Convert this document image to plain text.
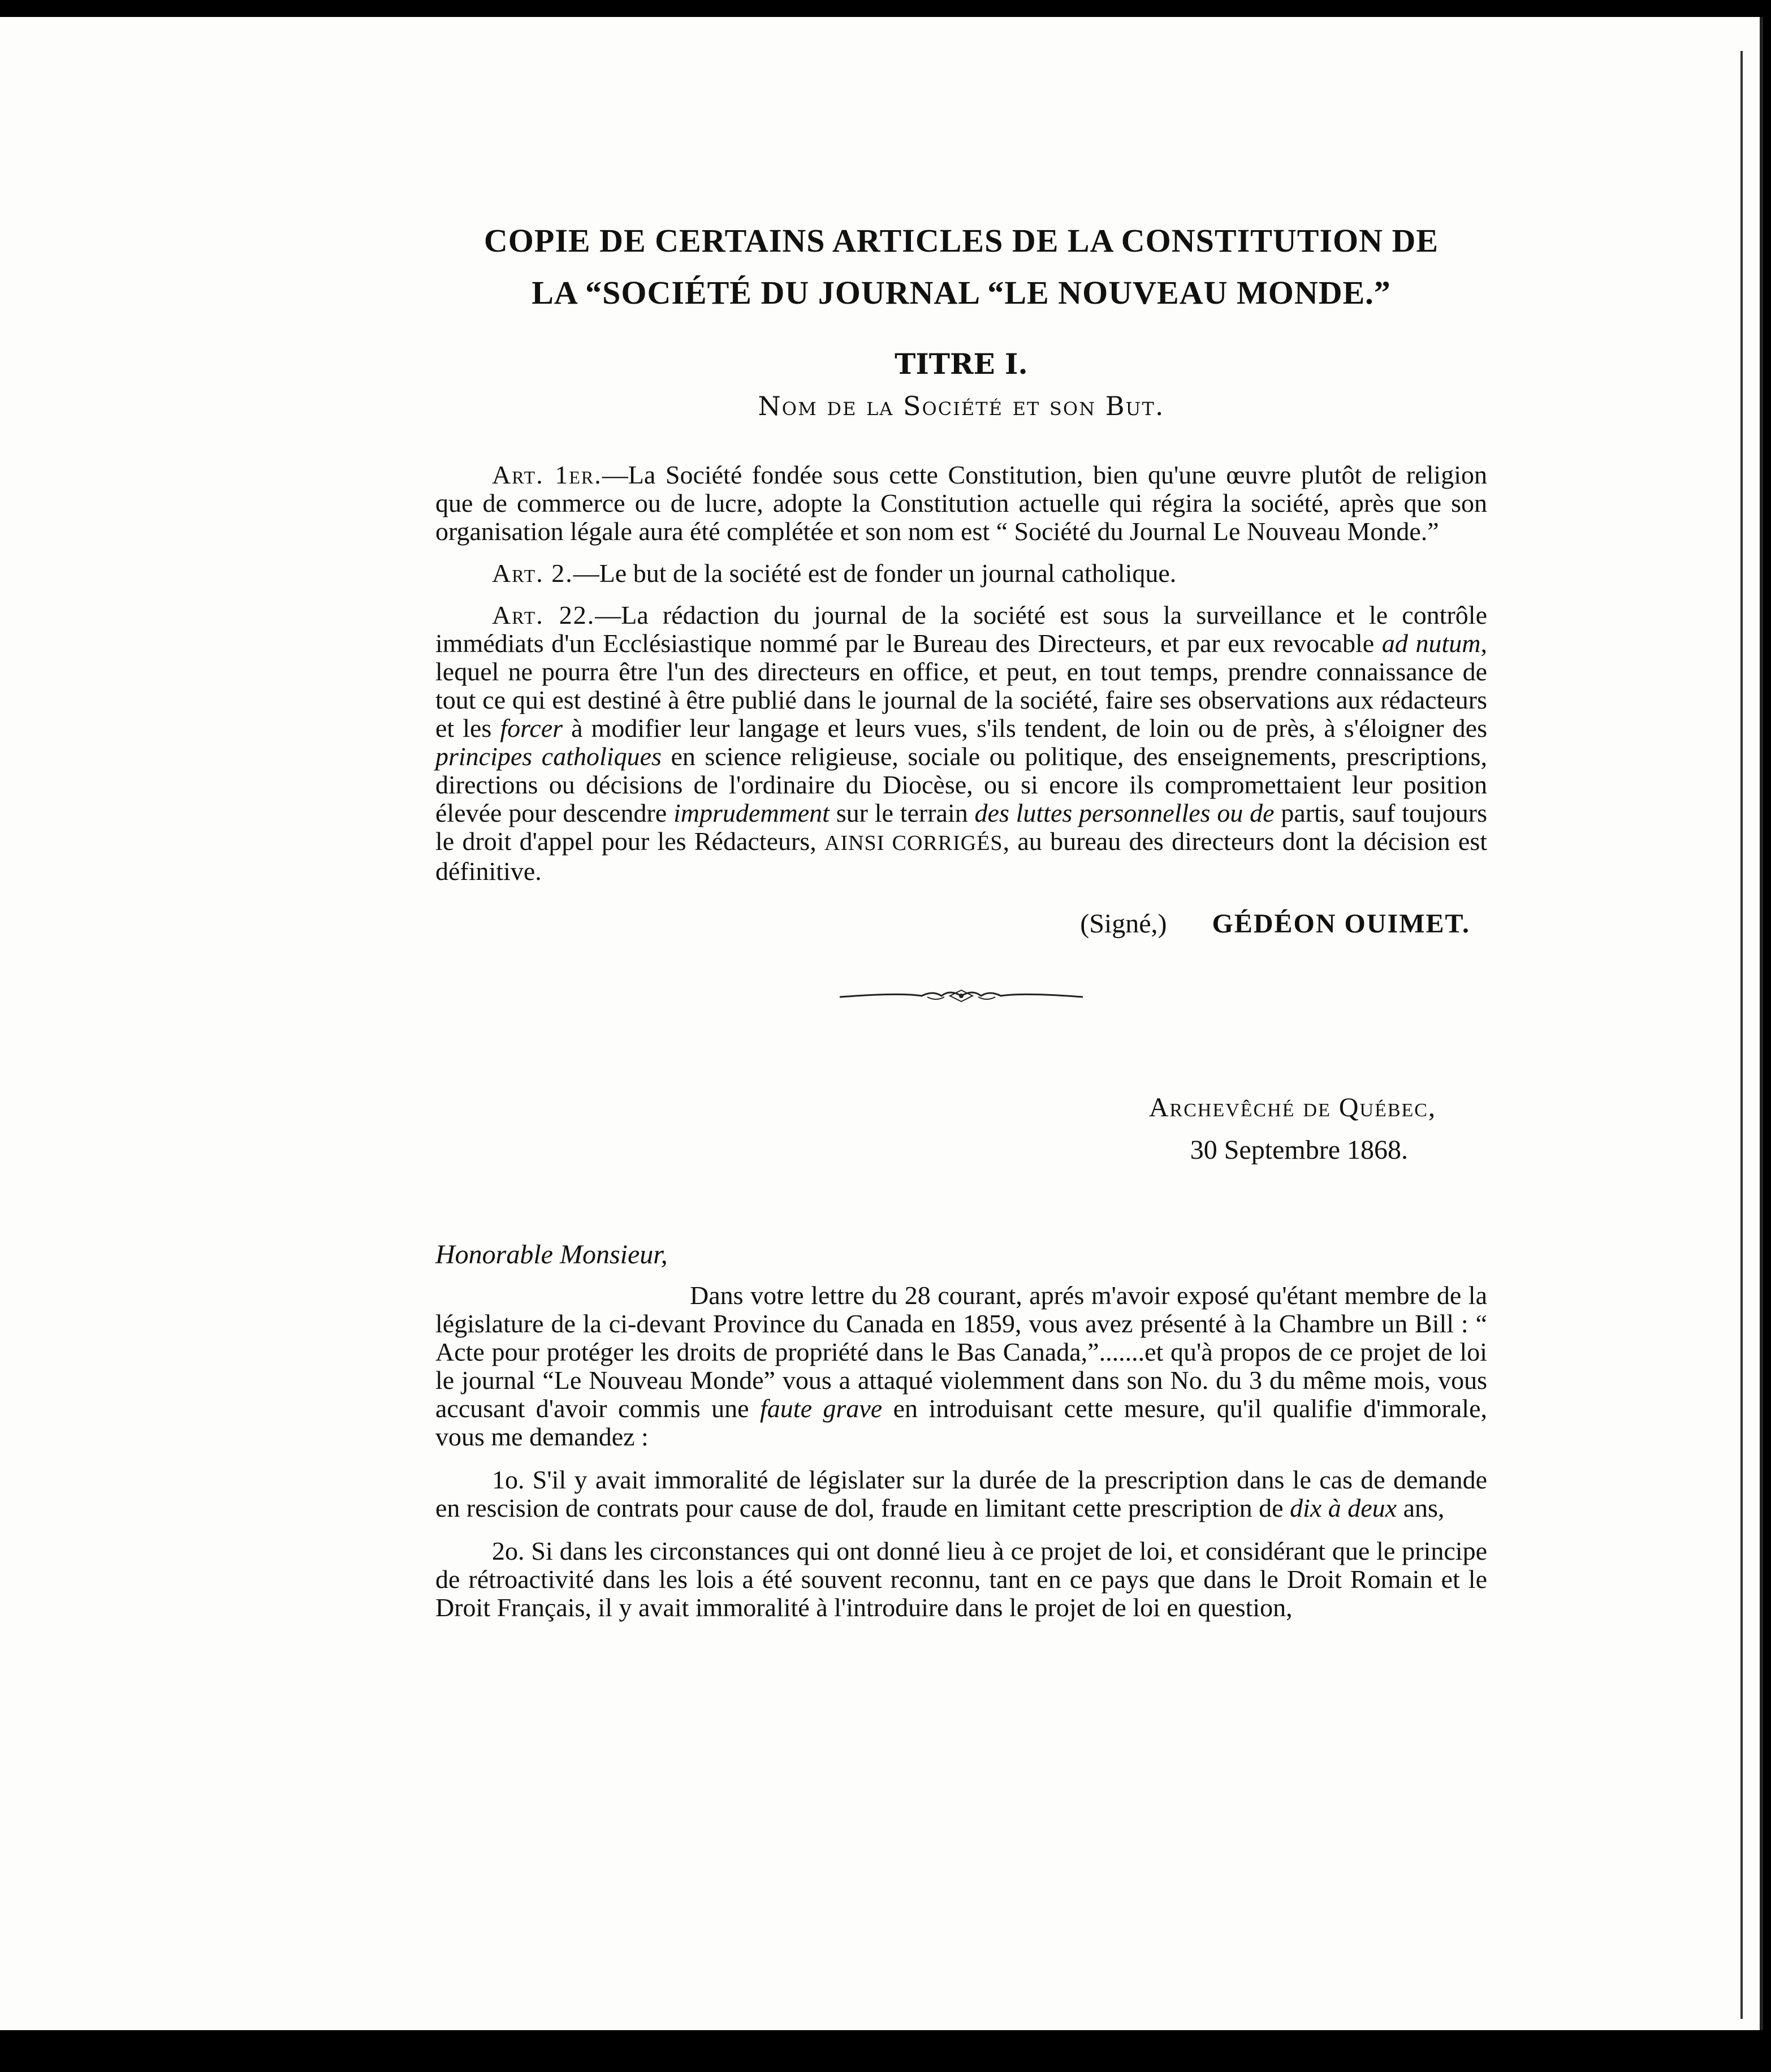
COPIE DE CERTAINS ARTICLES DE LA CONSTITUTION DE
LA “SOCIÉTÉ DU JOURNAL “LE NOUVEAU MONDE.”
TITRE I.
Nom de la Société et son But.

Art. 1er.—La Société fondée sous cette Constitution, bien qu'une œuvre plutôt de religion que de commerce ou de lucre, adopte la Constitution actuelle qui régira la société, après que son organisation légale aura été complétée et son nom est “ Société du Journal Le Nouveau Monde.”

Art. 2.—Le but de la société est de fonder un journal catholique.

Art. 22.—La rédaction du journal de la société est sous la surveillance et le contrôle immédiats d'un Ecclésiastique nommé par le Bureau des Directeurs, et par eux revocable ad nutum, lequel ne pourra être l'un des directeurs en office, et peut, en tout temps, prendre connaissance de tout ce qui est destiné à être publié dans le journal de la société, faire ses observations aux rédacteurs et les forcer à modifier leur langage et leurs vues, s'ils tendent, de loin ou de près, à s'éloigner des principes catholiques en science religieuse, sociale ou politique, des enseignements, prescriptions, directions ou décisions de l'ordinaire du Diocèse, ou si encore ils compromettaient leur position élevée pour descendre imprudemment sur le terrain des luttes personnelles ou de partis, sauf toujours le droit d'appel pour les Rédacteurs, AINSI CORRIGÉS, au bureau des directeurs dont la décision est définitive.

(Signé,) GÉDÉON OUIMET.
Archevêché de Québec,
30 Septembre 1868.
Honorable Monsieur,

Dans votre lettre du 28 courant, aprés m'avoir exposé qu'étant membre de la législature de la ci-devant Province du Canada en 1859, vous avez présenté à la Chambre un Bill : “ Acte pour protéger les droits de propriété dans le Bas Canada,”.......et qu'à propos de ce projet de loi le journal “Le Nouveau Monde” vous a attaqué violemment dans son No. du 3 du même mois, vous accusant d'avoir commis une faute grave en introduisant cette mesure, qu'il qualifie d'immorale, vous me demandez :

1o. S'il y avait immoralité de législater sur la durée de la prescription dans le cas de demande en rescision de contrats pour cause de dol, fraude en limitant cette prescription de dix à deux ans,

2o. Si dans les circonstances qui ont donné lieu à ce projet de loi, et considérant que le principe de rétroactivité dans les lois a été souvent reconnu, tant en ce pays que dans le Droit Romain et le Droit Français, il y avait immoralité à l'introduire dans le projet de loi en question,
